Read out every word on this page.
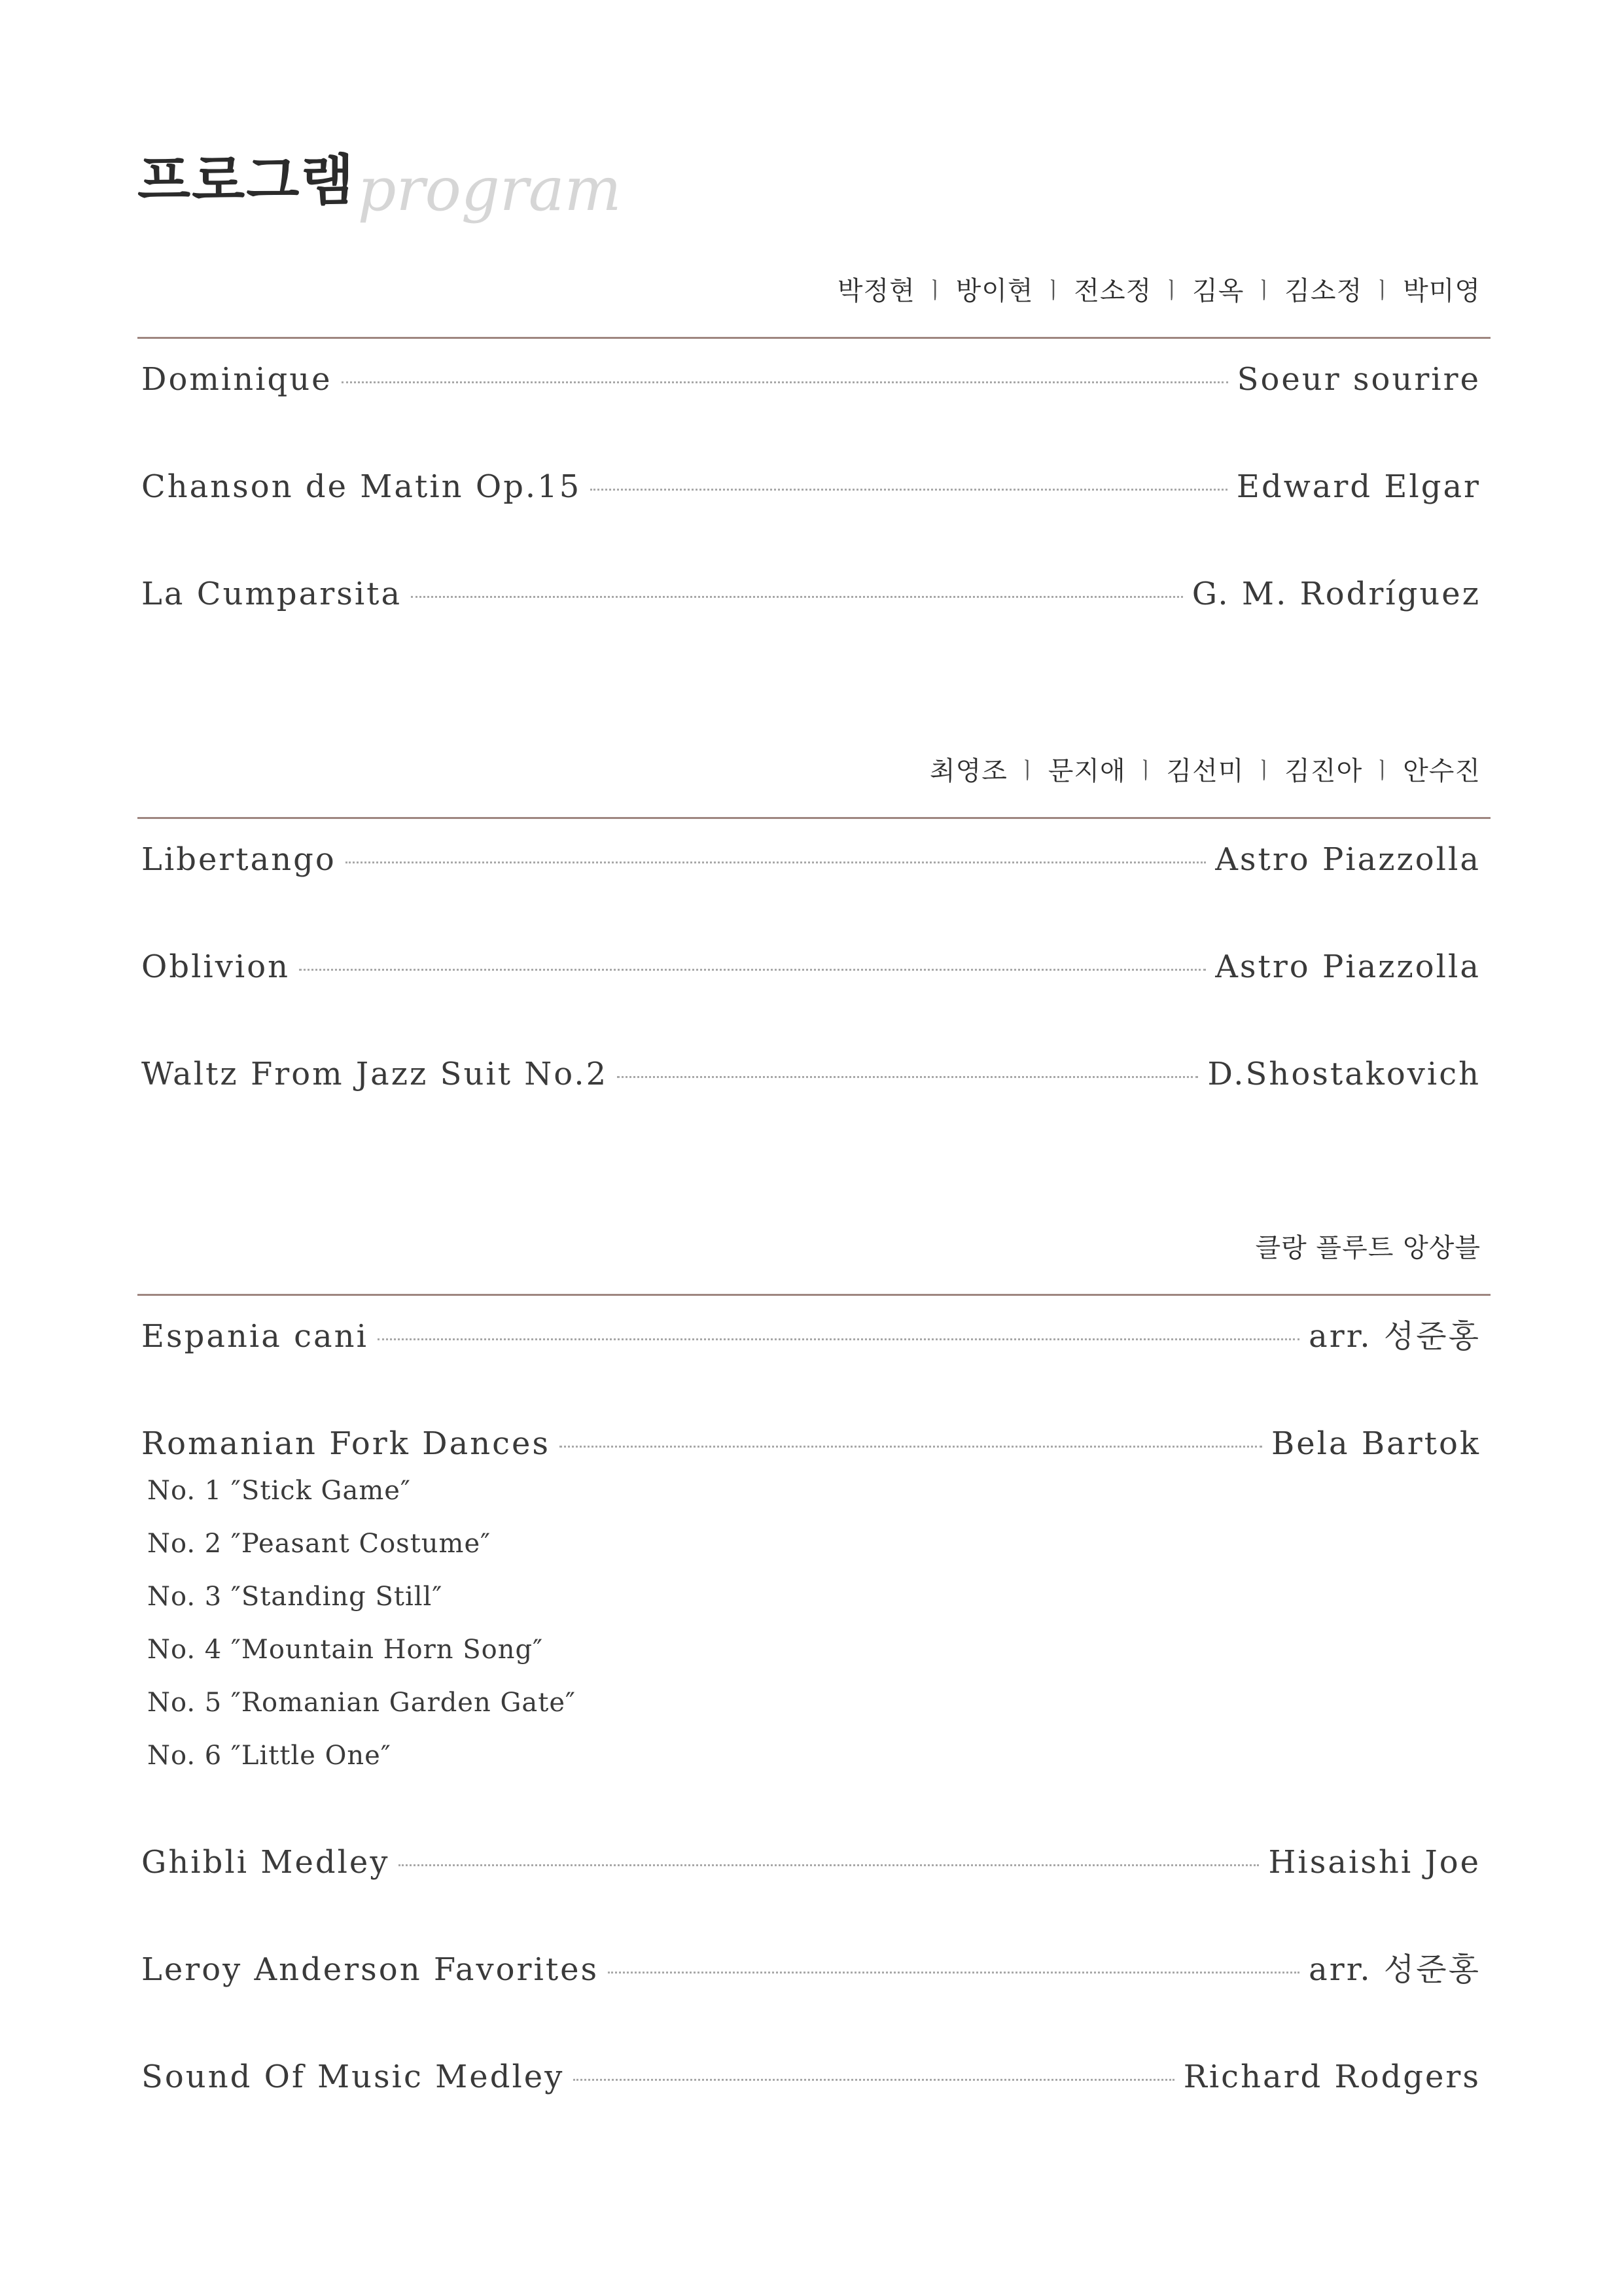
프로그램 program
박정현 ㅣ 방이현 ㅣ 전소정 ㅣ 김옥 ㅣ 김소정 ㅣ 박미영
Dominique	Soeur sourire
Chanson de Matin Op.15	Edward Elgar
La Cumparsita	G. M. Rodríguez
최영조 ㅣ 문지애 ㅣ 김선미 ㅣ 김진아 ㅣ 안수진
Libertango	Astro Piazzolla
Oblivion	Astro Piazzolla
Waltz From Jazz Suit No.2	D.Shostakovich
클랑 플루트 앙상블
Espania cani	arr. 성준홍
Romanian Fork Dances	Bela Bartok
No. 1 ″Stick Game″
No. 2 ″Peasant Costume″
No. 3 ″Standing Still″
No. 4 ″Mountain Horn Song″
No. 5 ″Romanian Garden Gate″
No. 6 ″Little One″
Ghibli Medley	Hisaishi Joe
Leroy Anderson Favorites	arr. 성준홍
Sound Of Music Medley	Richard Rodgers
